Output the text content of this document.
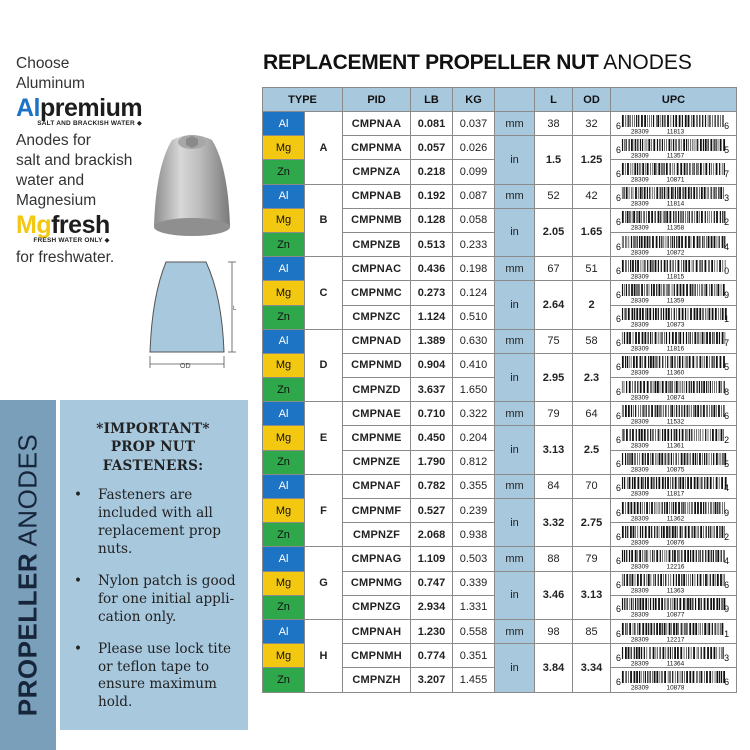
Choose

Aluminum

Alpremium
SALT AND BRACKISH WATER ◆

Anodes for

salt and brackish

water and

Magnesium

Mgfresh
FRESH WATER ONLY ◆

for freshwater.

OD
L
PROPELLER ANODES
*IMPORTANT*
PROP NUT
FASTENERS:
• Fasteners are included with all replacement prop nuts.
• Nylon patch is good for one initial appli-cation only.
• Please use lock tite or teflon tape to ensure maximum hold.
REPLACEMENT PROPELLER NUT ANODES
TYPE		PID	LB	KG		L	OD	UPC
Al	A	CMPNAA	0.081	0.037	mm	38	32	6
28309 11813
6

Mg		CMPNMA	0.057	0.026	in	1.5	1.25	6
28309 11357
5

Zn		CMPNZA	0.218	0.099				6
28309 10871
7

Al	B	CMPNAB	0.192	0.087	mm	52	42	6
28309 11814
3

Mg		CMPNMB	0.128	0.058	in	2.05	1.65	6
28309 11358
2

Zn		CMPNZB	0.513	0.233				6
28309 10872
4

Al	C	CMPNAC	0.436	0.198	mm	67	51	6
28309 11815
0

Mg		CMPNMC	0.273	0.124	in	2.64	2	6
28309 11359
9

Zn		CMPNZC	1.124	0.510				6
28309 10873
1

Al	D	CMPNAD	1.389	0.630	mm	75	58	6
28309 11816
7

Mg		CMPNMD	0.904	0.410	in	2.95	2.3	6
28309 11360
5

Zn		CMPNZD	3.637	1.650				6
28309 10874
8

Al	E	CMPNAE	0.710	0.322	mm	79	64	6
28309 11532
6

Mg		CMPNME	0.450	0.204	in	3.13	2.5	6
28309 11361
2

Zn		CMPNZE	1.790	0.812				6
28309 10875
5

Al	F	CMPNAF	0.782	0.355	mm	84	70	6
28309 11817
4

Mg		CMPNMF	0.527	0.239	in	3.32	2.75	6
28309 11362
9

Zn		CMPNZF	2.068	0.938				6
28309 10876
2

Al	G	CMPNAG	1.109	0.503	mm	88	79	6
28309 12216
4

Mg		CMPNMG	0.747	0.339	in	3.46	3.13	6
28309 11363
6

Zn		CMPNZG	2.934	1.331				6
28309 10877
9

Al	H	CMPNAH	1.230	0.558	mm	98	85	6
28309 12217
1

Mg		CMPNMH	0.774	0.351	in	3.84	3.34	6
28309 11364
3

Zn		CMPNZH	3.207	1.455				6
28309 10878
6
